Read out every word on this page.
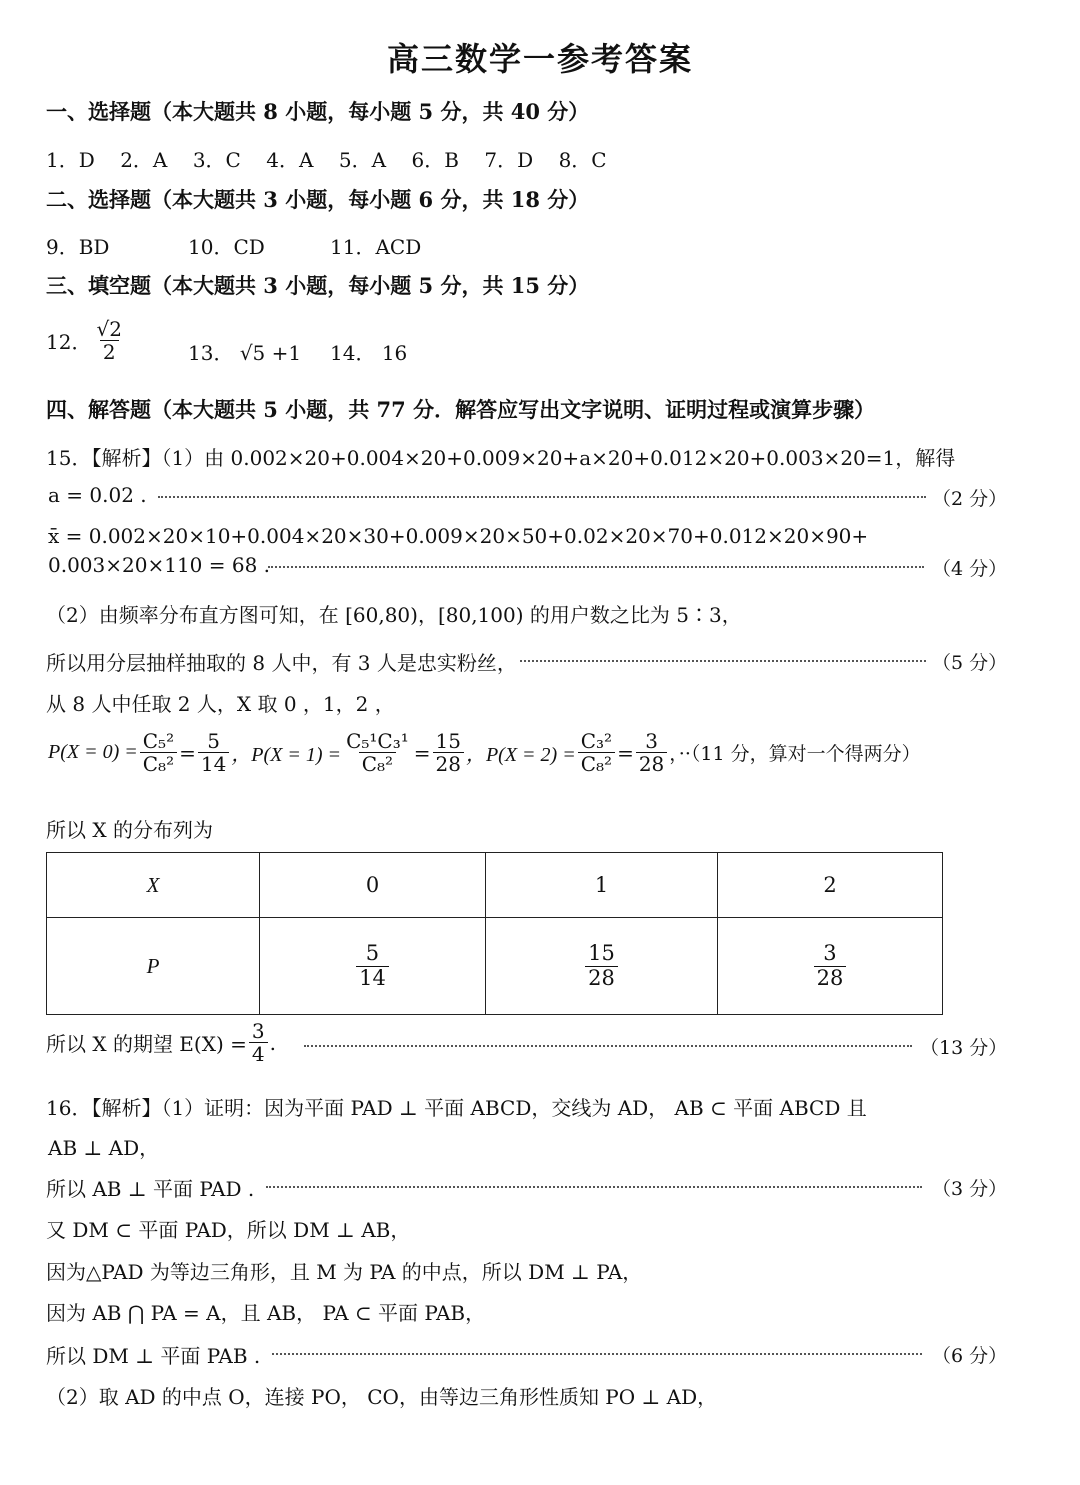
高三数学一参考答案
一、选择题（本大题共 8 小题，每小题 5 分，共 40 分）
1．D 2．A 3．C 4．A 5．A 6．B 7．D 8．C
二、选择题（本大题共 3 小题，每小题 6 分，共 18 分）
9．BD	10．CD	11．ACD
三、填空题（本大题共 3 小题，每小题 5 分，共 15 分）
12． $\frac{√2}{2}$	13． √5 +1 14． 16
四、解答题（本大题共 5 小题，共 77 分．解答应写出文字说明、证明过程或演算步骤）
15．【解析】（1）由 0.002×20+0.004×20+0.009×20+a×20+0.012×20+0.003×20=1，解得
a = 0.02 .	（2 分）
x̄ = 0.002×20×10+0.004×20×30+0.009×20×50+0.02×20×70+0.012×20×90+
0.003×20×110 = 68 .	（4 分）
（2）由频率分布直方图可知，在 [60,80)，[80,100) 的用户数之比为 5∶3，
所以用分层抽样抽取的 8 人中，有 3 人是忠实粉丝，	（5 分）
从 8 人中任取 2 人，X 取 0 ，1，2 ，
$P(X = 0) = \frac{\text{C₅²}}{\text{C₈²}} = \frac{5}{14}$ ，$P(X = 1) = \frac{\text{C₅¹C₃¹}}{\text{C₈²}} = \frac{15}{28}$ ，$P(X = 2) = \frac{\text{C₃²}}{\text{C₈²}} = \frac{3}{28}$ ，··（11 分，算对一个得两分）
所以 X 的分布列为
X	0	1	2
P	$\frac{5}{14}$	$\frac{15}{28}$	$\frac{3}{28}$
所以 X 的期望 $E(X) = \frac{3}{4}$ .	（13 分）
16．【解析】（1）证明：因为平面 PAD ⊥ 平面 ABCD，交线为 AD， AB ⊂ 平面 ABCD 且
AB ⊥ AD，
所以 AB ⊥ 平面 PAD .	（3 分）
又 DM ⊂ 平面 PAD，所以 DM ⊥ AB，
因为△PAD 为等边三角形，且 M 为 PA 的中点，所以 DM ⊥ PA，
因为 AB ⋂ PA = A，且 AB， PA ⊂ 平面 PAB，
所以 DM ⊥ 平面 PAB .	（6 分）
（2）取 AD 的中点 O，连接 PO， CO，由等边三角形性质知 PO ⊥ AD，
